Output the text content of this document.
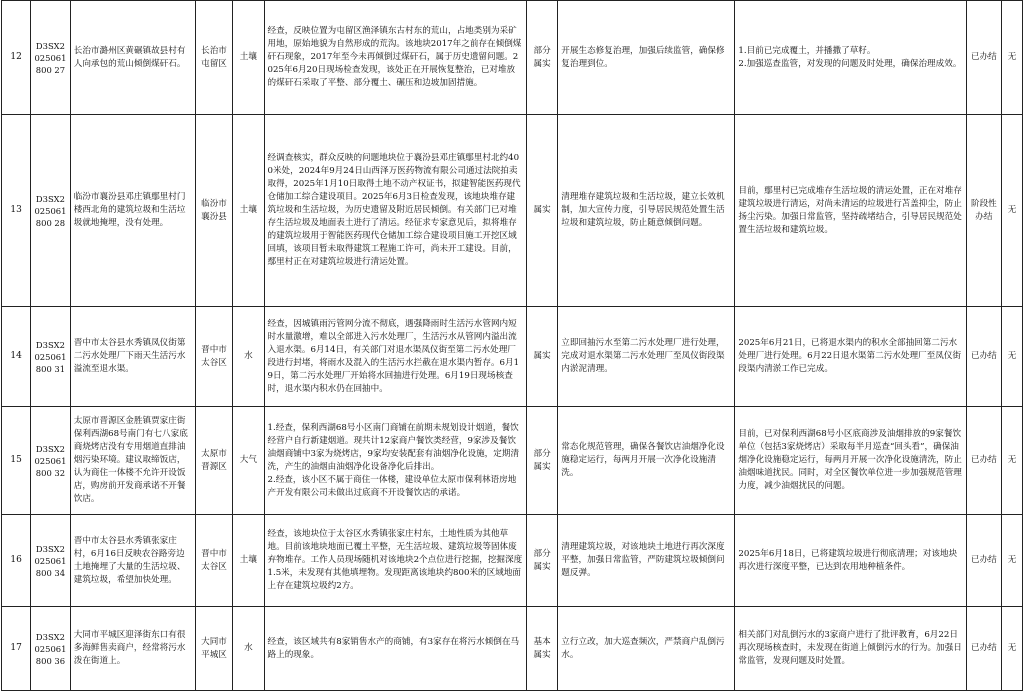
12	D3SX2025061800 27	长治市潞州区黄碾镇故县村有人向承包的荒山倾倒煤矸石。	长治市屯留区	土壤	经查，反映位置为屯留区渔泽镇东古村东的荒山，占地类别为采矿用地，原始地貌为自然形成的荒沟。该地块2017年之前存在倾倒煤矸石现象，2017年至今未再倾倒过煤矸石，属于历史遗留问题。2025年6月20日现场检查发现，该处正在开展恢复整治，已对堆放的煤矸石采取了平整、部分覆土、碾压和边坡加固措施。	部分属实	开展生态修复治理，加强后续监管，确保修复治理到位。	1.目前已完成覆土，并播撒了草籽。
2.加强巡查监管，对发现的问题及时处理，确保治理成效。	已办结	无
13	D3SX2025061800 28	临汾市襄汾县邓庄镇鄢里村门楼西北角的建筑垃圾和生活垃圾就地掩埋，没有处理。	临汾市襄汾县	土壤	经调查核实，群众反映的问题地块位于襄汾县邓庄镇鄢里村北约400米处，2024年9月24日山西泽万医药物流有限公司通过法院拍卖取得，2025年1月10日取得土地不动产权证书，拟建智能医药现代仓储加工综合建设项目。2025年6月3日检查发现，该地块堆存建筑垃圾和生活垃圾，为历史遗留及附近居民倾倒。有关部门已对堆存生活垃圾及地面表土进行了清运。经征求专家意见后，拟将堆存的建筑垃圾用于智能医药现代仓储加工综合建设项目施工开挖区域回填，该项目暂未取得建筑工程施工许可，尚未开工建设。目前，鄢里村正在对建筑垃圾进行清运处置。	属实	清理堆存建筑垃圾和生活垃圾，建立长效机制，加大宣传力度，引导居民规范处置生活垃圾和建筑垃圾，防止随意倾倒问题。	目前，鄢里村已完成堆存生活垃圾的清运处置，正在对堆存建筑垃圾进行清运，对尚未清运的垃圾进行苫盖抑尘，防止扬尘污染。加强日常监管，坚持疏堵结合，引导居民规范处置生活垃圾和建筑垃圾。	阶段性办结	无
14	D3SX2025061800 31	晋中市太谷县水秀镇凤仪街第二污水处理厂下雨天生活污水溢流至退水渠。	晋中市太谷区	水	经查，因城镇雨污管网分流不彻底，遇强降雨时生活污水管网内短时水量激增，难以全部进入污水处理厂，生活污水从管网内溢出流入退水渠。6月14日，有关部门对退水渠凤仪街至第二污水处理厂段进行封堵，将雨水及混入的生活污水拦截在退水渠内暂存。6月19日，第二污水处理厂开始将水回抽进行处理。6月19日现场核查时，退水渠内积水仍在回抽中。	属实	立即回抽污水至第二污水处理厂进行处理，完成对退水渠第二污水处理厂至凤仪街段渠内淤泥清理。	2025年6月21日，已将退水渠内的积水全部抽回第二污水处理厂进行处理。6月22日退水渠第二污水处理厂至凤仪街段渠内清淤工作已完成。	已办结	无
15	D3SX2025061800 32	太原市晋源区金胜镇贾家庄街保利西湖68号南门有七八家底商烧烤店没有专用烟道直排油烟污染环境。建议取缔饭店，认为商住一体楼不允许开设饭店，购房前开发商承诺不开餐饮店。	太原市晋源区	大气	1.经查，保利西湖68号小区南门商铺在前期未规划设计烟道，餐饮经营户自行新建烟道。现共计12家商户餐饮类经营，9家涉及餐饮油烟商铺中3家为烧烤店，9家均安装配套有油烟净化设施，定期清洗，产生的油烟由油烟净化设备净化后排出。
2.经查，该小区不属于商住一体楼，建设单位太原市保利林语房地产开发有限公司未做出过底商不开设餐饮店的承诺。	部分属实	常态化规范管理，确保各餐饮店油烟净化设施稳定运行，每两月开展一次净化设施清洗。	目前，已对保利西湖68号小区底商涉及油烟排放的9家餐饮单位（包括3家烧烤店）采取每半月巡查“回头看”，确保油烟净化设施稳定运行，每两月开展一次净化设施清洗，防止油烟味道扰民。同时，对全区餐饮单位进一步加强规范管理力度，减少油烟扰民的问题。	已办结	无
16	D3SX2025061800 34	晋中市太谷县水秀镇张家庄村，6月16日反映农谷路旁边土地掩埋了大量的生活垃圾、建筑垃圾，希望加快处理。	晋中市太谷区	土壤	经查，该地块位于太谷区水秀镇张家庄村东，土地性质为其他草地。目前该地块地面已覆土平整，无生活垃圾、建筑垃圾等固体废弃物堆存。工作人员现场随机对该地块2个点位进行挖掘，挖掘深度1.5米，未发现有其他填埋物。发现距离该地块约800米的区域地面上存在建筑垃圾约2方。	部分属实	清理建筑垃圾，对该地块土地进行再次深度平整，加强日常监管，严防建筑垃圾倾倒问题反弹。	2025年6月18日，已将建筑垃圾进行彻底清理；对该地块再次进行深度平整，已达到农用地种植条件。	已办结	无
17	D3SX2025061800 36	大同市平城区迎泽街东口有很多海鲜售卖商户，经常将污水泼在街道上。	大同市平城区	水	经查，该区域共有8家销售水产的商铺，有3家存在将污水倾倒在马路上的现象。	基本属实	立行立改，加大巡查频次，严禁商户乱倒污水。	相关部门对乱倒污水的3家商户进行了批评教育，6月22日再次现场核查时，未发现在街道上倾倒污水的行为。加强日常监管，发现问题及时处置。	已办结	无
